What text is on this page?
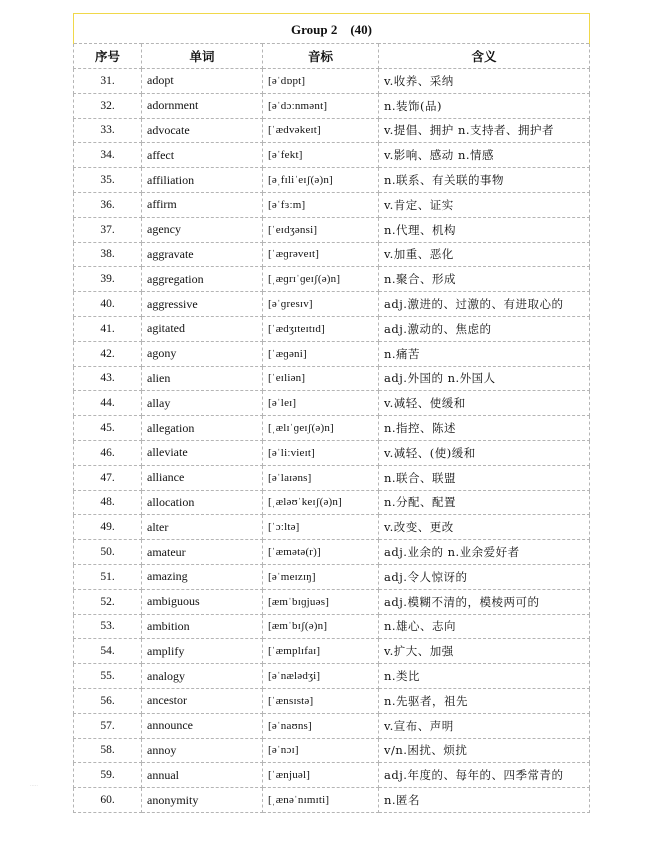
Group 2　(40)			
序号	单词	音标	含义
31.	adopt	[əˈdɒpt]	v.收养、采纳
32.	adornment	[əˈdɔːnmənt]	n.装饰(品)
33.	advocate	[ˈædvəkeɪt]	v.提倡、拥护 n.支持者、拥护者
34.	affect	[əˈfekt]	v.影响、感动 n.情感
35.	affiliation	[əˌfɪliˈeɪʃ(ə)n]	n.联系、有关联的事物
36.	affirm	[əˈfɜːm]	v.肯定、证实
37.	agency	[ˈeɪdʒənsi]	n.代理、机构
38.	aggravate	[ˈæɡrəveɪt]	v.加重、恶化
39.	aggregation	[ˌæɡrɪˈɡeɪʃ(ə)n]	n.聚合、形成
40.	aggressive	[əˈɡresɪv]	adj.激进的、过激的、有进取心的
41.	agitated	[ˈædʒɪteɪtɪd]	adj.激动的、焦虑的
42.	agony	[ˈæɡəni]	n.痛苦
43.	alien	[ˈeɪliən]	adj.外国的 n.外国人
44.	allay	[əˈleɪ]	v.减轻、使缓和
45.	allegation	[ˌælɪˈɡeɪʃ(ə)n]	n.指控、陈述
46.	alleviate	[əˈliːvieɪt]	v.减轻、(使)缓和
47.	alliance	[əˈlaɪəns]	n.联合、联盟
48.	allocation	[ˌæləʊˈkeɪʃ(ə)n]	n.分配、配置
49.	alter	[ˈɔːltə]	v.改变、更改
50.	amateur	[ˈæmətə(r)]	adj.业余的 n.业余爱好者
51.	amazing	[əˈmeɪzɪŋ]	adj.令人惊讶的
52.	ambiguous	[æmˈbɪɡjuəs]	adj.模糊不清的，模棱两可的
53.	ambition	[æmˈbɪʃ(ə)n]	n.雄心、志向
54.	amplify	[ˈæmplɪfaɪ]	v.扩大、加强
55.	analogy	[əˈnælədʒi]	n.类比
56.	ancestor	[ˈænsɪstə]	n.先驱者，祖先
57.	announce	[əˈnaʊns]	v.宣布、声明
58.	annoy	[əˈnɔɪ]	v/n.困扰、烦扰
59.	annual	[ˈænjuəl]	adj.年度的、每年的、四季常青的
60.	anonymity	[ˌænəˈnɪmɪti]	n.匿名
·····
